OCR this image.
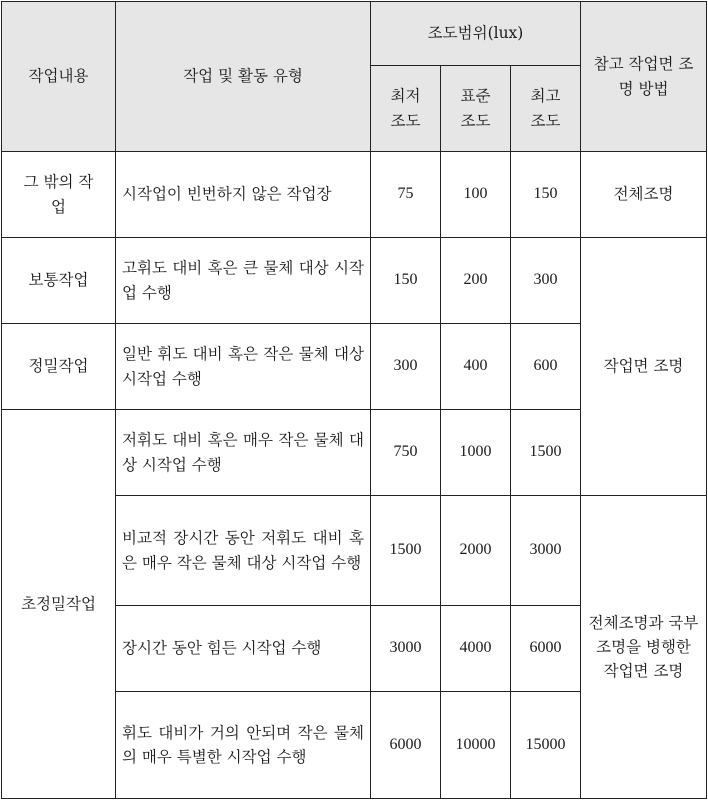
작업내용	작업 및 활동 유형	조도범위(lux)			참고 작업면 조명 방법
		최저 조도	표준 조도	최고 조도	
그 밖의 작업	시작업이 빈번하지 않은 작업장	75	100	150	전체조명
보통작업	고휘도 대비 혹은 큰 물체 대상 시작업 수행	150	200	300	작업면 조명
정밀작업	일반 휘도 대비 혹은 작은 물체 대상 시작업 수행	300	400	600	
초정밀작업	저휘도 대비 혹은 매우 작은 물체 대상 시작업 수행	750	1000	1500	
	비교적 장시간 동안 저휘도 대비 혹은 매우 작은 물체 대상 시작업 수행	1500	2000	3000	전체조명과 국부조명을 병행한 작업면 조명
	장시간 동안 힘든 시작업 수행	3000	4000	6000	
	휘도 대비가 거의 안되며 작은 물체의 매우 특별한 시작업 수행	6000	10000	15000	
